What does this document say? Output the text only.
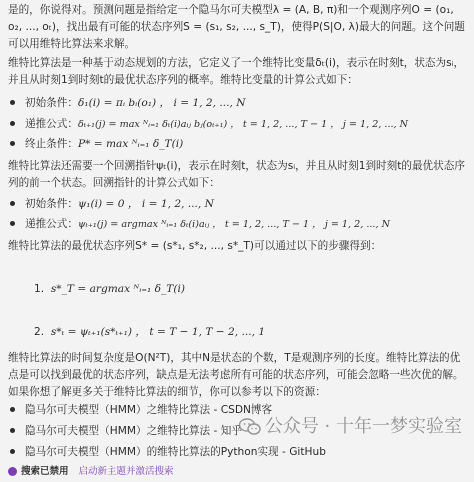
是的，你说得对。预测问题是指给定一个隐马尔可夫模型λ = (A, B, π)和一个观测序列O = (o₁, o₂, ..., oₜ)，找出最有可能的状态序列S = (s₁, s₂, ..., s_T)，使得P(S|O, λ)最大的问题。这个问题可以用维特比算法来求解。
维特比算法是一种基于动态规划的方法，它定义了一个维特比变量δₜ(i)，表示在时刻t，状态为sᵢ，并且从时刻1到时刻t的最优状态序列的概率。维特比变量的计算公式如下：
初始条件：δ₁(i) = πᵢ bᵢ(o₁) ， i = 1, 2, ..., N
递推公式：δₜ₊₁(j) = max ᴺᵢ₌₁ δₜ(i)aᵢⱼ bⱼ(oₜ₊₁) ， t = 1, 2, ..., T − 1 ， j = 1, 2, ..., N
终止条件：P* = max ᴺᵢ₌₁ δ_T(i)
维特比算法还需要一个回溯指针ψₜ(i)，表示在时刻t，状态为sᵢ，并且从时刻1到时刻t的最优状态序列的前一个状态。回溯指针的计算公式如下：
初始条件：ψ₁(i) = 0 ， i = 1, 2, ..., N
递推公式：ψₜ₊₁(j) = argmax ᴺᵢ₌₁ δₜ(i)aᵢⱼ ， t = 1, 2, ..., T − 1 ， j = 1, 2, ..., N
维特比算法的最优状态序列S* = (s*₁, s*₂, ..., s*_T)可以通过以下的步骤得到：
1. s*_T = argmax ᴺᵢ₌₁ δ_T(i)
2. s*ₜ = ψₜ₊₁(s*ₜ₊₁) ， t = T − 1, T − 2, ..., 1
维特比算法的时间复杂度是O(N²T)，其中N是状态的个数，T是观测序列的长度。维特比算法的优点是可以找到最优的状态序列，缺点是无法考虑所有可能的状态序列，可能会忽略一些次优的解。如果你想了解更多关于维特比算法的细节，你可以参考以下的资源：
隐马尔可夫模型（HMM）之维特比算法 - CSDN博客
隐马尔可夫模型（HMM）之维特比算法 - 知乎
隐马尔可夫模型（HMM）的维特比算法的Python实现 - GitHub
公众号 · 十年一梦实验室
搜索已禁用 启动新主题并激活搜索
